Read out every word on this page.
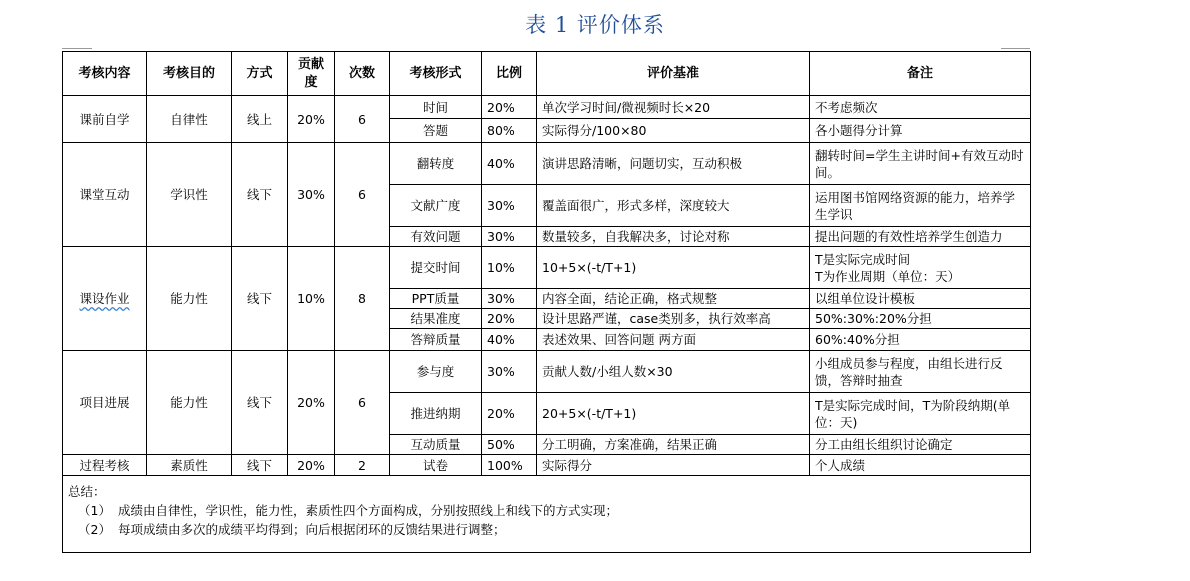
表 1 评价体系
考核内容	考核目的	方式	贡献度	次数	考核形式	比例	评价基准	备注
课前自学	自律性	线上	20%	6	时间	20%	单次学习时间/微视频时长×20	不考虑频次
					答题	80%	实际得分/100×80	各小题得分计算
课堂互动	学识性	线下	30%	6	翻转度	40%	演讲思路清晰，问题切实，互动积极	翻转时间=学生主讲时间+有效互动时间。
					文献广度	30%	覆盖面很广，形式多样，深度较大	运用图书馆网络资源的能力，培养学生学识
					有效问题	30%	数量较多，自我解决多，讨论对称	提出问题的有效性培养学生创造力
课设作业	能力性	线下	10%	8	提交时间	10%	10+5×(-t/T+1)	T是实际完成时间
T为作业周期（单位：天）

					PPT质量	30%	内容全面，结论正确，格式规整	以组单位设计模板
					结果准度	20%	设计思路严谨，case类别多，执行效率高	50%:30%:20%分担
					答辩质量	40%	表述效果、回答问题 两方面	60%:40%分担
项目进展	能力性	线下	20%	6	参与度	30%	贡献人数/小组人数×30	小组成员参与程度，由组长进行反馈，答辩时抽查
					推进纳期	20%	20+5×(-t/T+1)	T是实际完成时间，T为阶段纳期(单位：天)
					互动质量	50%	分工明确，方案准确，结果正确	分工由组长组织讨论确定
过程考核	素质性	线下	20%	2	试卷	100%	实际得分	个人成绩

总结：
（1） 成绩由自律性，学识性，能力性，素质性四个方面构成，分别按照线上和线下的方式实现；
（2） 每项成绩由多次的成绩平均得到；向后根据闭环的反馈结果进行调整；								
